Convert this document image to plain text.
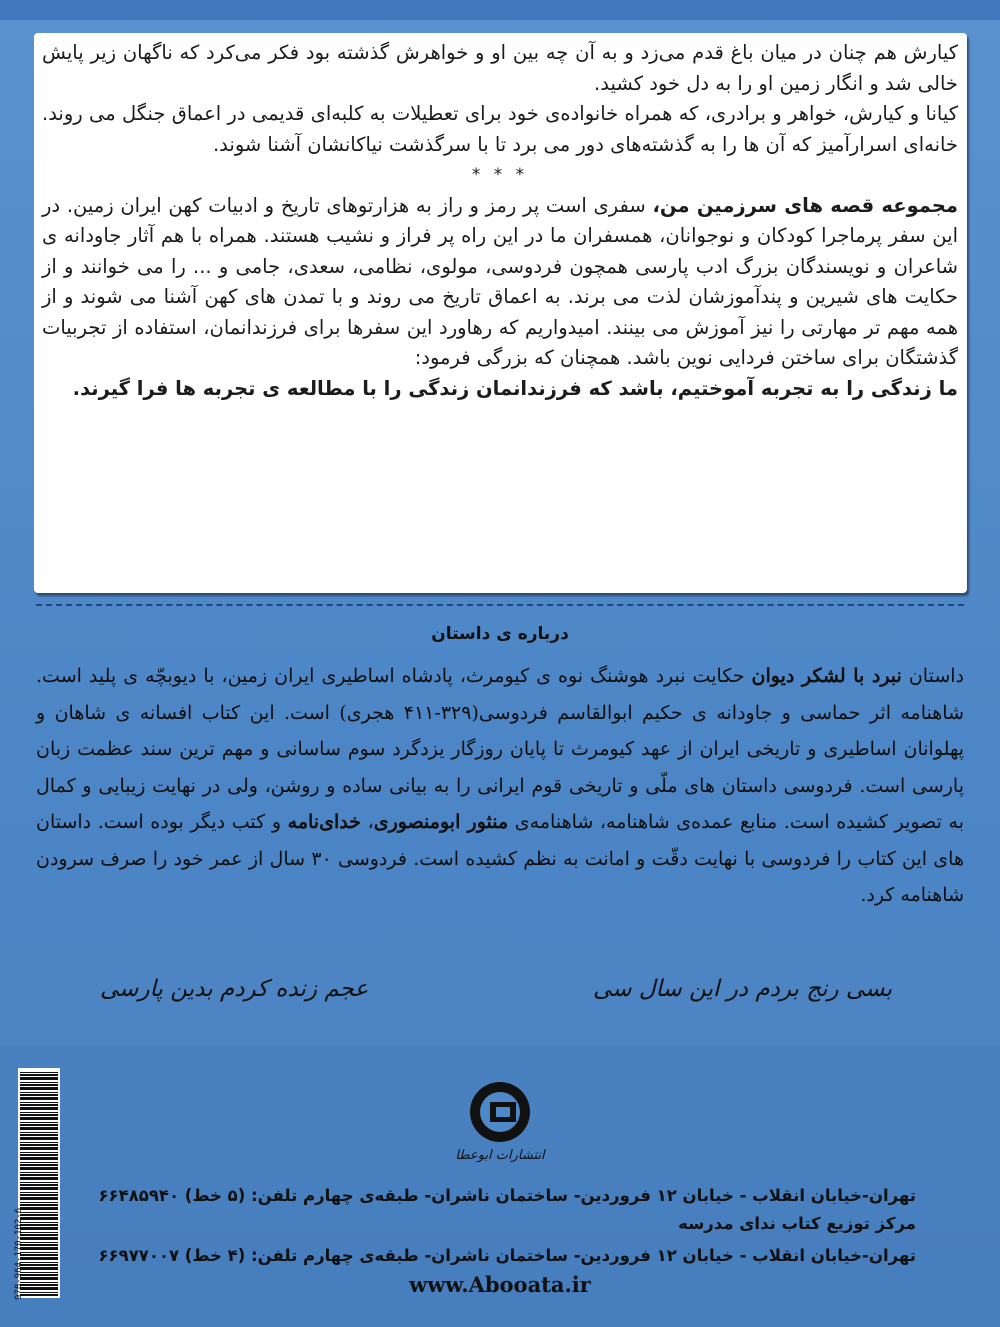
کیارش هم چنان در میان باغ قدم می‌زد و به آن چه بین او و خواهرش گذشته بود فکر می‌کرد که ناگهان زیر پایش خالی شد و انگار زمین او را به دل خود کشید.

کیانا و کیارش، خواهر و برادری، که همراه خانواده‌ی خود برای تعطیلات به کلبه‌ای قدیمی در اعماق جنگل می روند. خانه‌ای اسرارآمیز که آن ها را به گذشته‌های دور می برد تا با سرگذشت نیاکانشان آشنا شوند.

* * *

مجموعه قصه های سرزمین من، سفری است پر رمز و راز به هزارتوهای تاریخ و ادبیات کهن ایران زمین. در این سفر پرماجرا کودکان و نوجوانان، همسفران ما در این راه پر فراز و نشیب هستند. همراه با هم آثار جاودانه ی شاعران و نویسندگان بزرگ ادب پارسی همچون فردوسی، مولوی، نظامی، سعدی، جامی و ... را می خوانند و از حکایت های شیرین و پندآموزشان لذت می برند. به اعماق تاریخ می روند و با تمدن های کهن آشنا می شوند و از همه مهم تر مهارتی را نیز آموزش می بینند. امیدواریم که رهاورد این سفرها برای فرزندانمان، استفاده از تجربیات گذشتگان برای ساختن فردایی نوین باشد. همچنان که بزرگی فرمود:

ما زندگی را به تجربه آموختیم، باشد که فرزندانمان زندگی را با مطالعه ی تجربه ها فرا گیرند.

درباره ی داستان

داستان نبرد با لشکر دیوان حکایت نبرد هوشنگ نوه ی کیومرث، پادشاه اساطیری ایران زمین، با دیوبچّه ی پلید است. شاهنامه اثر حماسی و جاودانه ی حکیم ابوالقاسم فردوسی(۳۲۹-۴۱۱ هجری) است. این کتاب افسانه ی شاهان و پهلوانان اساطیری و تاریخی ایران از عهد کیومرث تا پایان روزگار یزدگرد سوم ساسانی و مهم ترین سند عظمت زبان پارسی است. فردوسی داستان های ملّی و تاریخی قوم ایرانی را به بیانی ساده و روشن، ولی در نهایت زیبایی و کمال به تصویر کشیده است. منابع عمده‌ی شاهنامه، شاهنامه‌ی منثور ابومنصوری، خدای‌نامه و کتب دیگر بوده است. داستان های این کتاب را فردوسی با نهایت دقّت و امانت به نظم کشیده است. فردوسی ۳۰ سال از عمر خود را صرف سرودن شاهنامه کرد.

بسی رنج بردم در این سال سی
عجم زنده کردم بدین پارسی
978-964-170-102-6
انتشارات ابوعطا
تهران-خیابان انقلاب - خیابان ۱۲ فروردین- ساختمان ناشران- طبقه‌ی چهارم تلفن: (۵ خط) ۶۶۴۸۵۹۴۰
مرکز توزیع کتاب ندای مدرسه
تهران-خیابان انقلاب - خیابان ۱۲ فروردین- ساختمان ناشران- طبقه‌ی چهارم تلفن: (۴ خط) ۶۶۹۷۷۰۰۷
www.Abooata.ir
